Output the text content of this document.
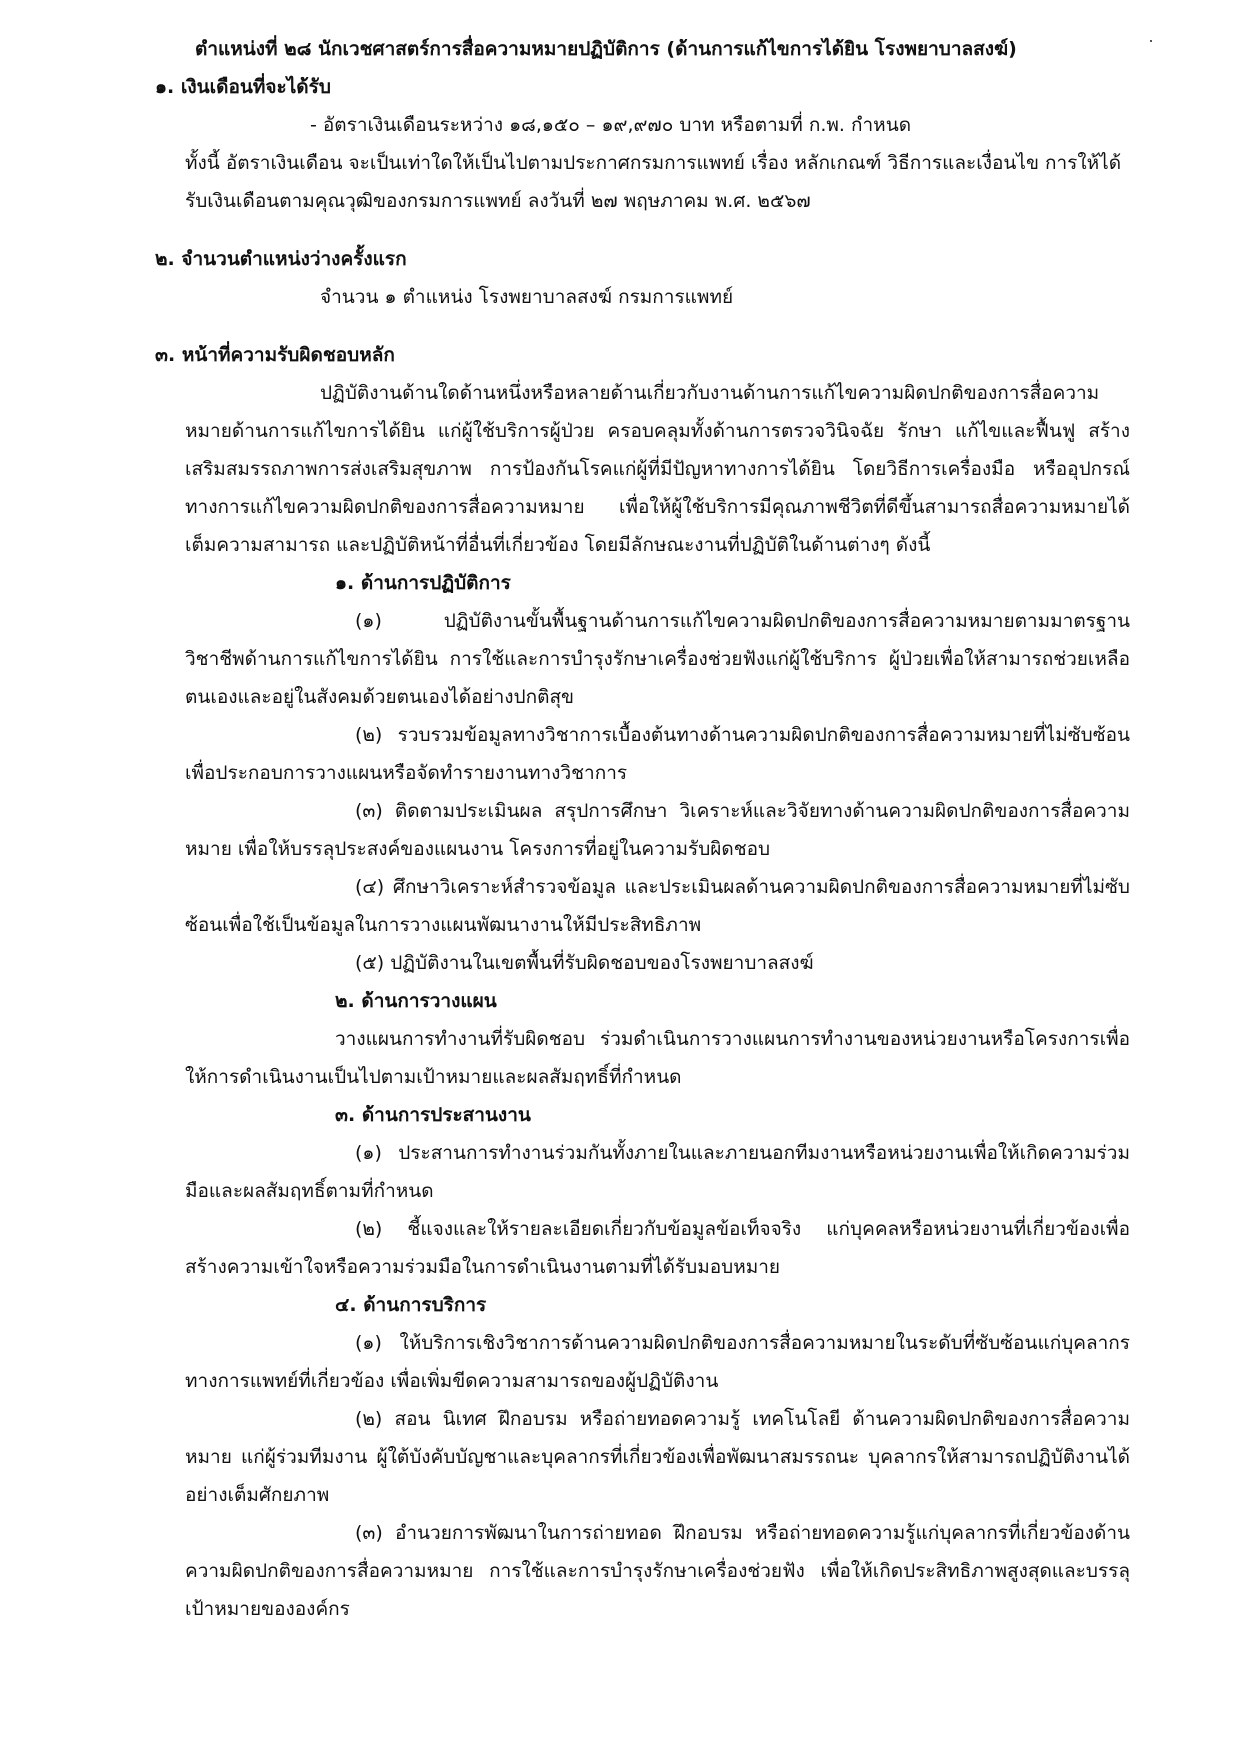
ตำแหน่งที่ ๒๘ นักเวชศาสตร์การสื่อความหมายปฏิบัติการ (ด้านการแก้ไขการได้ยิน โรงพยาบาลสงฆ์)

๑. เงินเดือนที่จะได้รับ

- อัตราเงินเดือนระหว่าง ๑๘,๑๕๐ – ๑๙,๙๗๐ บาท หรือตามที่ ก.พ. กำหนด

ทั้งนี้ อัตราเงินเดือน จะเป็นเท่าใดให้เป็นไปตามประกาศกรมการแพทย์ เรื่อง หลักเกณฑ์ วิธีการและเงื่อนไข การให้ได้รับเงินเดือนตามคุณวุฒิของกรมการแพทย์ ลงวันที่ ๒๗ พฤษภาคม พ.ศ. ๒๕๖๗

๒. จำนวนตำแหน่งว่างครั้งแรก

จำนวน ๑ ตำแหน่ง โรงพยาบาลสงฆ์ กรมการแพทย์

๓. หน้าที่ความรับผิดชอบหลัก

ปฏิบัติงานด้านใดด้านหนึ่งหรือหลายด้านเกี่ยวกับงานด้านการแก้ไขความผิดปกติของการสื่อความหมายด้านการแก้ไขการได้ยิน แก่ผู้ใช้บริการผู้ป่วย ครอบคลุมทั้งด้านการตรวจวินิจฉัย รักษา แก้ไขและฟื้นฟู สร้างเสริมสมรรถภาพการส่งเสริมสุขภาพ การป้องกันโรคแก่ผู้ที่มีปัญหาทางการได้ยิน โดยวิธีการเครื่องมือ หรืออุปกรณ์ทางการแก้ไขความผิดปกติของการสื่อความหมาย เพื่อให้ผู้ใช้บริการมีคุณภาพชีวิตที่ดีขึ้นสามารถสื่อความหมายได้เต็มความสามารถ และปฏิบัติหน้าที่อื่นที่เกี่ยวข้อง โดยมีลักษณะงานที่ปฏิบัติในด้านต่างๆ ดังนี้

๑. ด้านการปฏิบัติการ

(๑) ปฏิบัติงานขั้นพื้นฐานด้านการแก้ไขความผิดปกติของการสื่อความหมายตามมาตรฐานวิชาชีพด้านการแก้ไขการได้ยิน การใช้และการบำรุงรักษาเครื่องช่วยฟังแก่ผู้ใช้บริการ ผู้ป่วยเพื่อให้สามารถช่วยเหลือตนเองและอยู่ในสังคมด้วยตนเองได้อย่างปกติสุข

(๒) รวบรวมข้อมูลทางวิชาการเบื้องต้นทางด้านความผิดปกติของการสื่อความหมายที่ไม่ซับซ้อนเพื่อประกอบการวางแผนหรือจัดทำรายงานทางวิชาการ

(๓) ติดตามประเมินผล สรุปการศึกษา วิเคราะห์และวิจัยทางด้านความผิดปกติของการสื่อความหมาย เพื่อให้บรรลุประสงค์ของแผนงาน โครงการที่อยู่ในความรับผิดชอบ

(๔) ศึกษาวิเคราะห์สำรวจข้อมูล และประเมินผลด้านความผิดปกติของการสื่อความหมายที่ไม่ซับซ้อนเพื่อใช้เป็นข้อมูลในการวางแผนพัฒนางานให้มีประสิทธิภาพ

(๕) ปฏิบัติงานในเขตพื้นที่รับผิดชอบของโรงพยาบาลสงฆ์

๒. ด้านการวางแผน

วางแผนการทำงานที่รับผิดชอบ ร่วมดำเนินการวางแผนการทำงานของหน่วยงานหรือโครงการเพื่อให้การดำเนินงานเป็นไปตามเป้าหมายและผลสัมฤทธิ์ที่กำหนด

๓. ด้านการประสานงาน

(๑) ประสานการทำงานร่วมกันทั้งภายในและภายนอกทีมงานหรือหน่วยงานเพื่อให้เกิดความร่วมมือและผลสัมฤทธิ์ตามที่กำหนด

(๒) ชี้แจงและให้รายละเอียดเกี่ยวกับข้อมูลข้อเท็จจริง แก่บุคคลหรือหน่วยงานที่เกี่ยวข้องเพื่อสร้างความเข้าใจหรือความร่วมมือในการดำเนินงานตามที่ได้รับมอบหมาย

๔. ด้านการบริการ

(๑) ให้บริการเชิงวิชาการด้านความผิดปกติของการสื่อความหมายในระดับที่ซับซ้อนแก่บุคลากรทางการแพทย์ที่เกี่ยวข้อง เพื่อเพิ่มขีดความสามารถของผู้ปฏิบัติงาน

(๒) สอน นิเทศ ฝึกอบรม หรือถ่ายทอดความรู้ เทคโนโลยี ด้านความผิดปกติของการสื่อความหมาย แก่ผู้ร่วมทีมงาน ผู้ใต้บังคับบัญชาและบุคลากรที่เกี่ยวข้องเพื่อพัฒนาสมรรถนะ บุคลากรให้สามารถปฏิบัติงานได้อย่างเต็มศักยภาพ

(๓) อำนวยการพัฒนาในการถ่ายทอด ฝึกอบรม หรือถ่ายทอดความรู้แก่บุคลากรที่เกี่ยวข้องด้านความผิดปกติของการสื่อความหมาย การใช้และการบำรุงรักษาเครื่องช่วยฟัง เพื่อให้เกิดประสิทธิภาพสูงสุดและบรรลุเป้าหมายขององค์กร
